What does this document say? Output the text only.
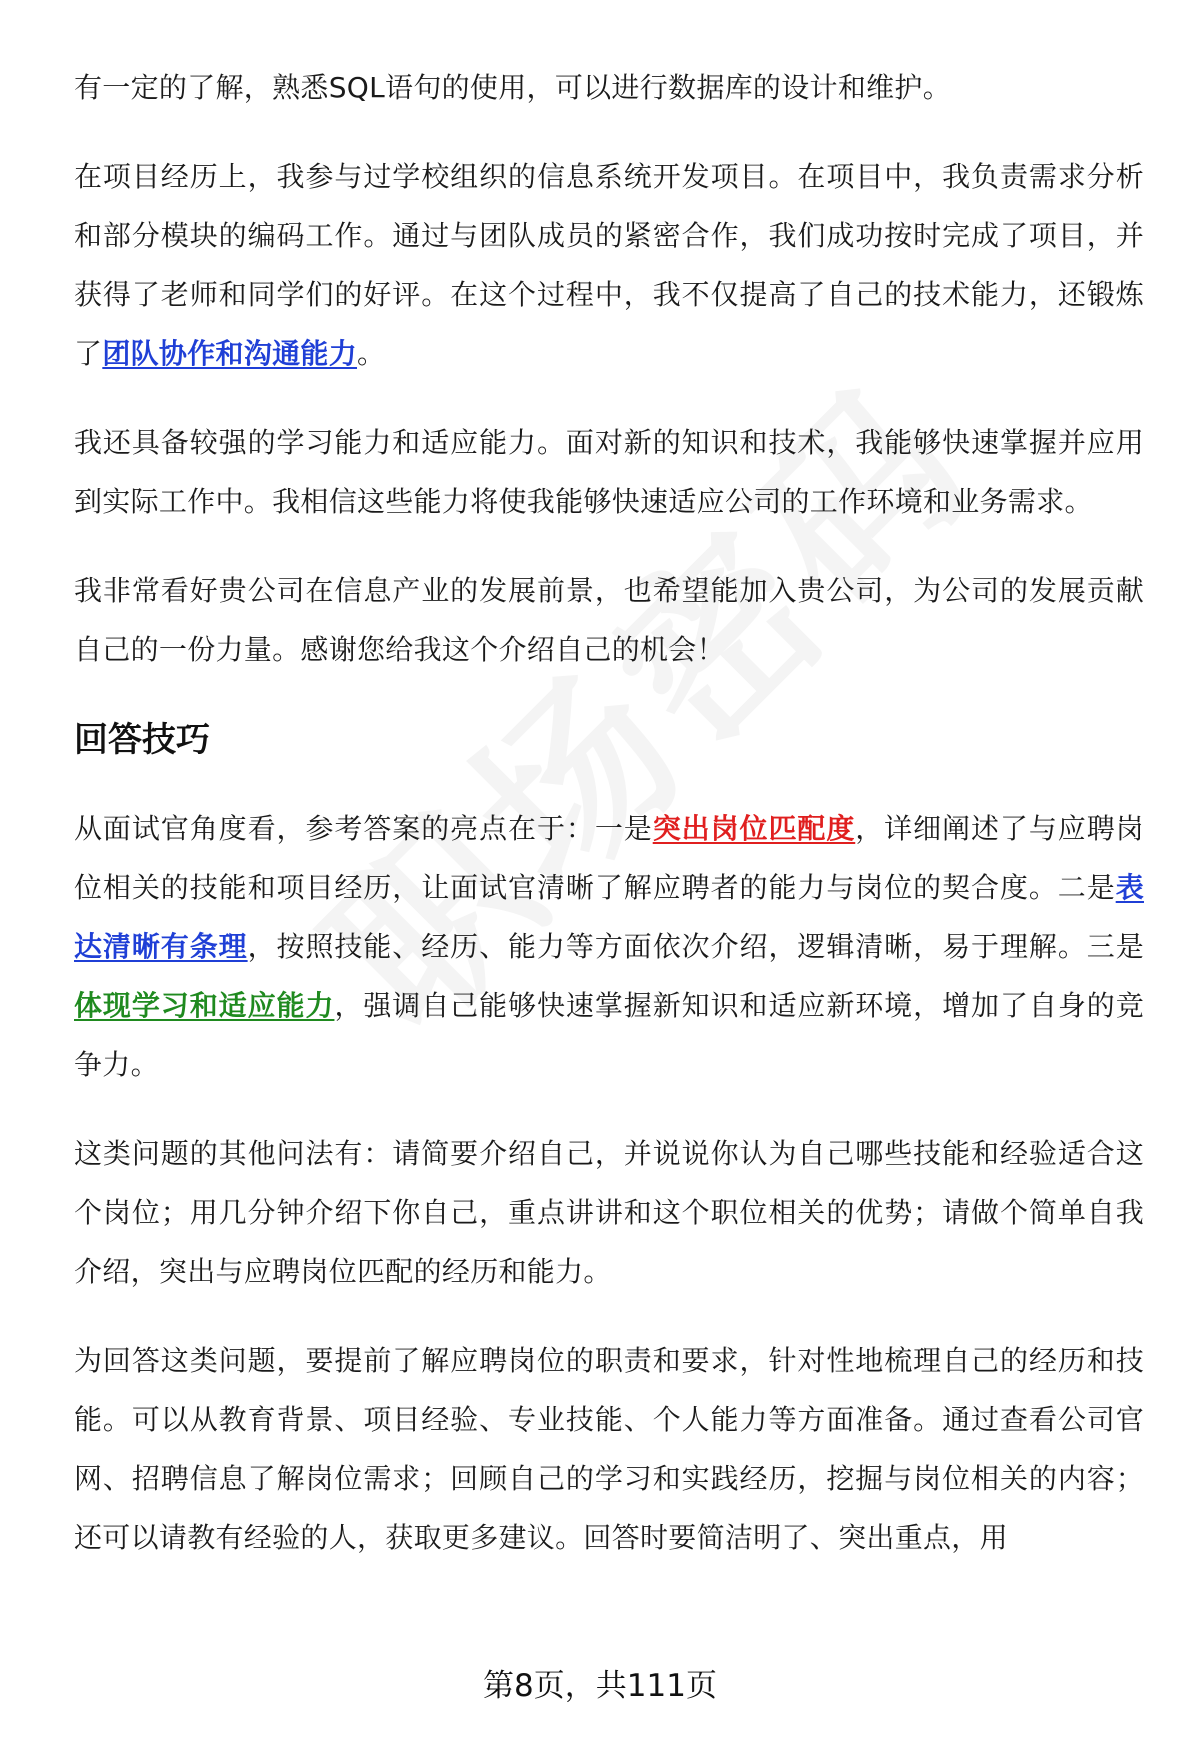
有一定的了解，熟悉SQL语句的使用，可以进行数据库的设计和维护。

在项目经历上，我参与过学校组织的信息系统开发项目。在项目中，我负责需求分析和部分模块的编码工作。通过与团队成员的紧密合作，我们成功按时完成了项目，并获得了老师和同学们的好评。在这个过程中，我不仅提高了自己的技术能力，还锻炼了团队协作和沟通能力。

我还具备较强的学习能力和适应能力。面对新的知识和技术，我能够快速掌握并应用到实际工作中。我相信这些能力将使我能够快速适应公司的工作环境和业务需求。

我非常看好贵公司在信息产业的发展前景，也希望能加入贵公司，为公司的发展贡献自己的一份力量。感谢您给我这个介绍自己的机会！

回答技巧

从面试官角度看，参考答案的亮点在于：一是突出岗位匹配度，详细阐述了与应聘岗位相关的技能和项目经历，让面试官清晰了解应聘者的能力与岗位的契合度。二是表达清晰有条理，按照技能、经历、能力等方面依次介绍，逻辑清晰，易于理解。三是体现学习和适应能力，强调自己能够快速掌握新知识和适应新环境，增加了自身的竞争力。

这类问题的其他问法有：请简要介绍自己，并说说你认为自己哪些技能和经验适合这个岗位；用几分钟介绍下你自己，重点讲讲和这个职位相关的优势；请做个简单自我介绍，突出与应聘岗位匹配的经历和能力。

为回答这类问题，要提前了解应聘岗位的职责和要求，针对性地梳理自己的经历和技能。可以从教育背景、项目经验、专业技能、个人能力等方面准备。通过查看公司官网、招聘信息了解岗位需求；回顾自己的学习和实践经历，挖掘与岗位相关的内容；还可以请教有经验的人，获取更多建议。回答时要简洁明了、突出重点，用

第8页，共111页
